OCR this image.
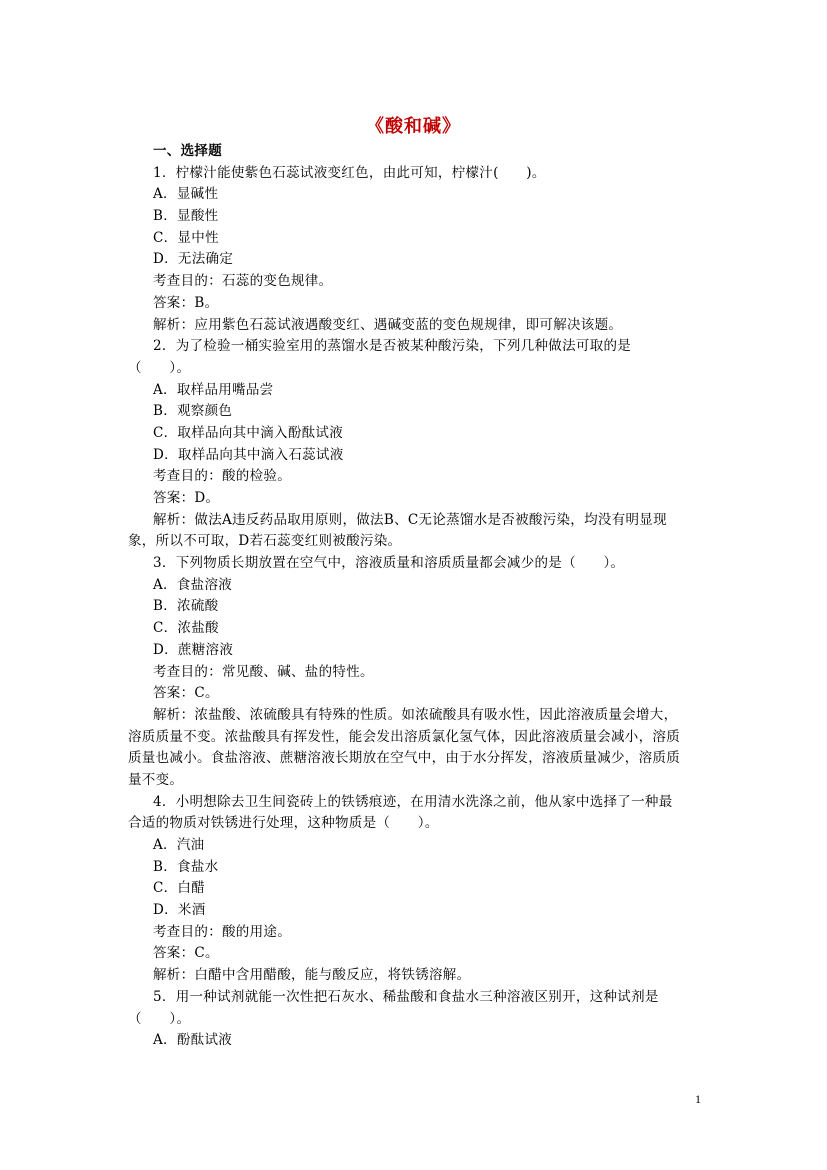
《酸和碱》
一、选择题
1．柠檬汁能使紫色石蕊试液变红色，由此可知，柠檬汁(　　)。
A．显碱性
B．显酸性
C．显中性
D．无法确定
考查目的：石蕊的变色规律。
答案：B。
解析：应用紫色石蕊试液遇酸变红、遇碱变蓝的变色规规律，即可解决该题。
2．为了检验一桶实验室用的蒸馏水是否被某种酸污染，下列几种做法可取的是
（　　）。
A．取样品用嘴品尝
B．观察颜色
C．取样品向其中滴入酚酞试液
D．取样品向其中滴入石蕊试液
考查目的：酸的检验。
答案：D。
解析：做法A违反药品取用原则，做法B、C无论蒸馏水是否被酸污染，均没有明显现
象，所以不可取，D若石蕊变红则被酸污染。
3．下列物质长期放置在空气中，溶液质量和溶质质量都会减少的是（　　）。
A．食盐溶液
B．浓硫酸
C．浓盐酸
D．蔗糖溶液
考查目的：常见酸、碱、盐的特性。
答案：C。
解析：浓盐酸、浓硫酸具有特殊的性质。如浓硫酸具有吸水性，因此溶液质量会增大，
溶质质量不变。浓盐酸具有挥发性，能会发出溶质氯化氢气体，因此溶液质量会减小，溶质
质量也减小。食盐溶液、蔗糖溶液长期放在空气中，由于水分挥发，溶液质量减少，溶质质
量不变。
4．小明想除去卫生间瓷砖上的铁锈痕迹，在用清水洗涤之前，他从家中选择了一种最
合适的物质对铁锈进行处理，这种物质是（　　）。
A．汽油
B．食盐水
C．白醋
D．米酒
考查目的：酸的用途。
答案：C。
解析：白醋中含用醋酸，能与酸反应，将铁锈溶解。
5．用一种试剂就能一次性把石灰水、稀盐酸和食盐水三种溶液区别开，这种试剂是
（　　）。
A．酚酞试液
1
